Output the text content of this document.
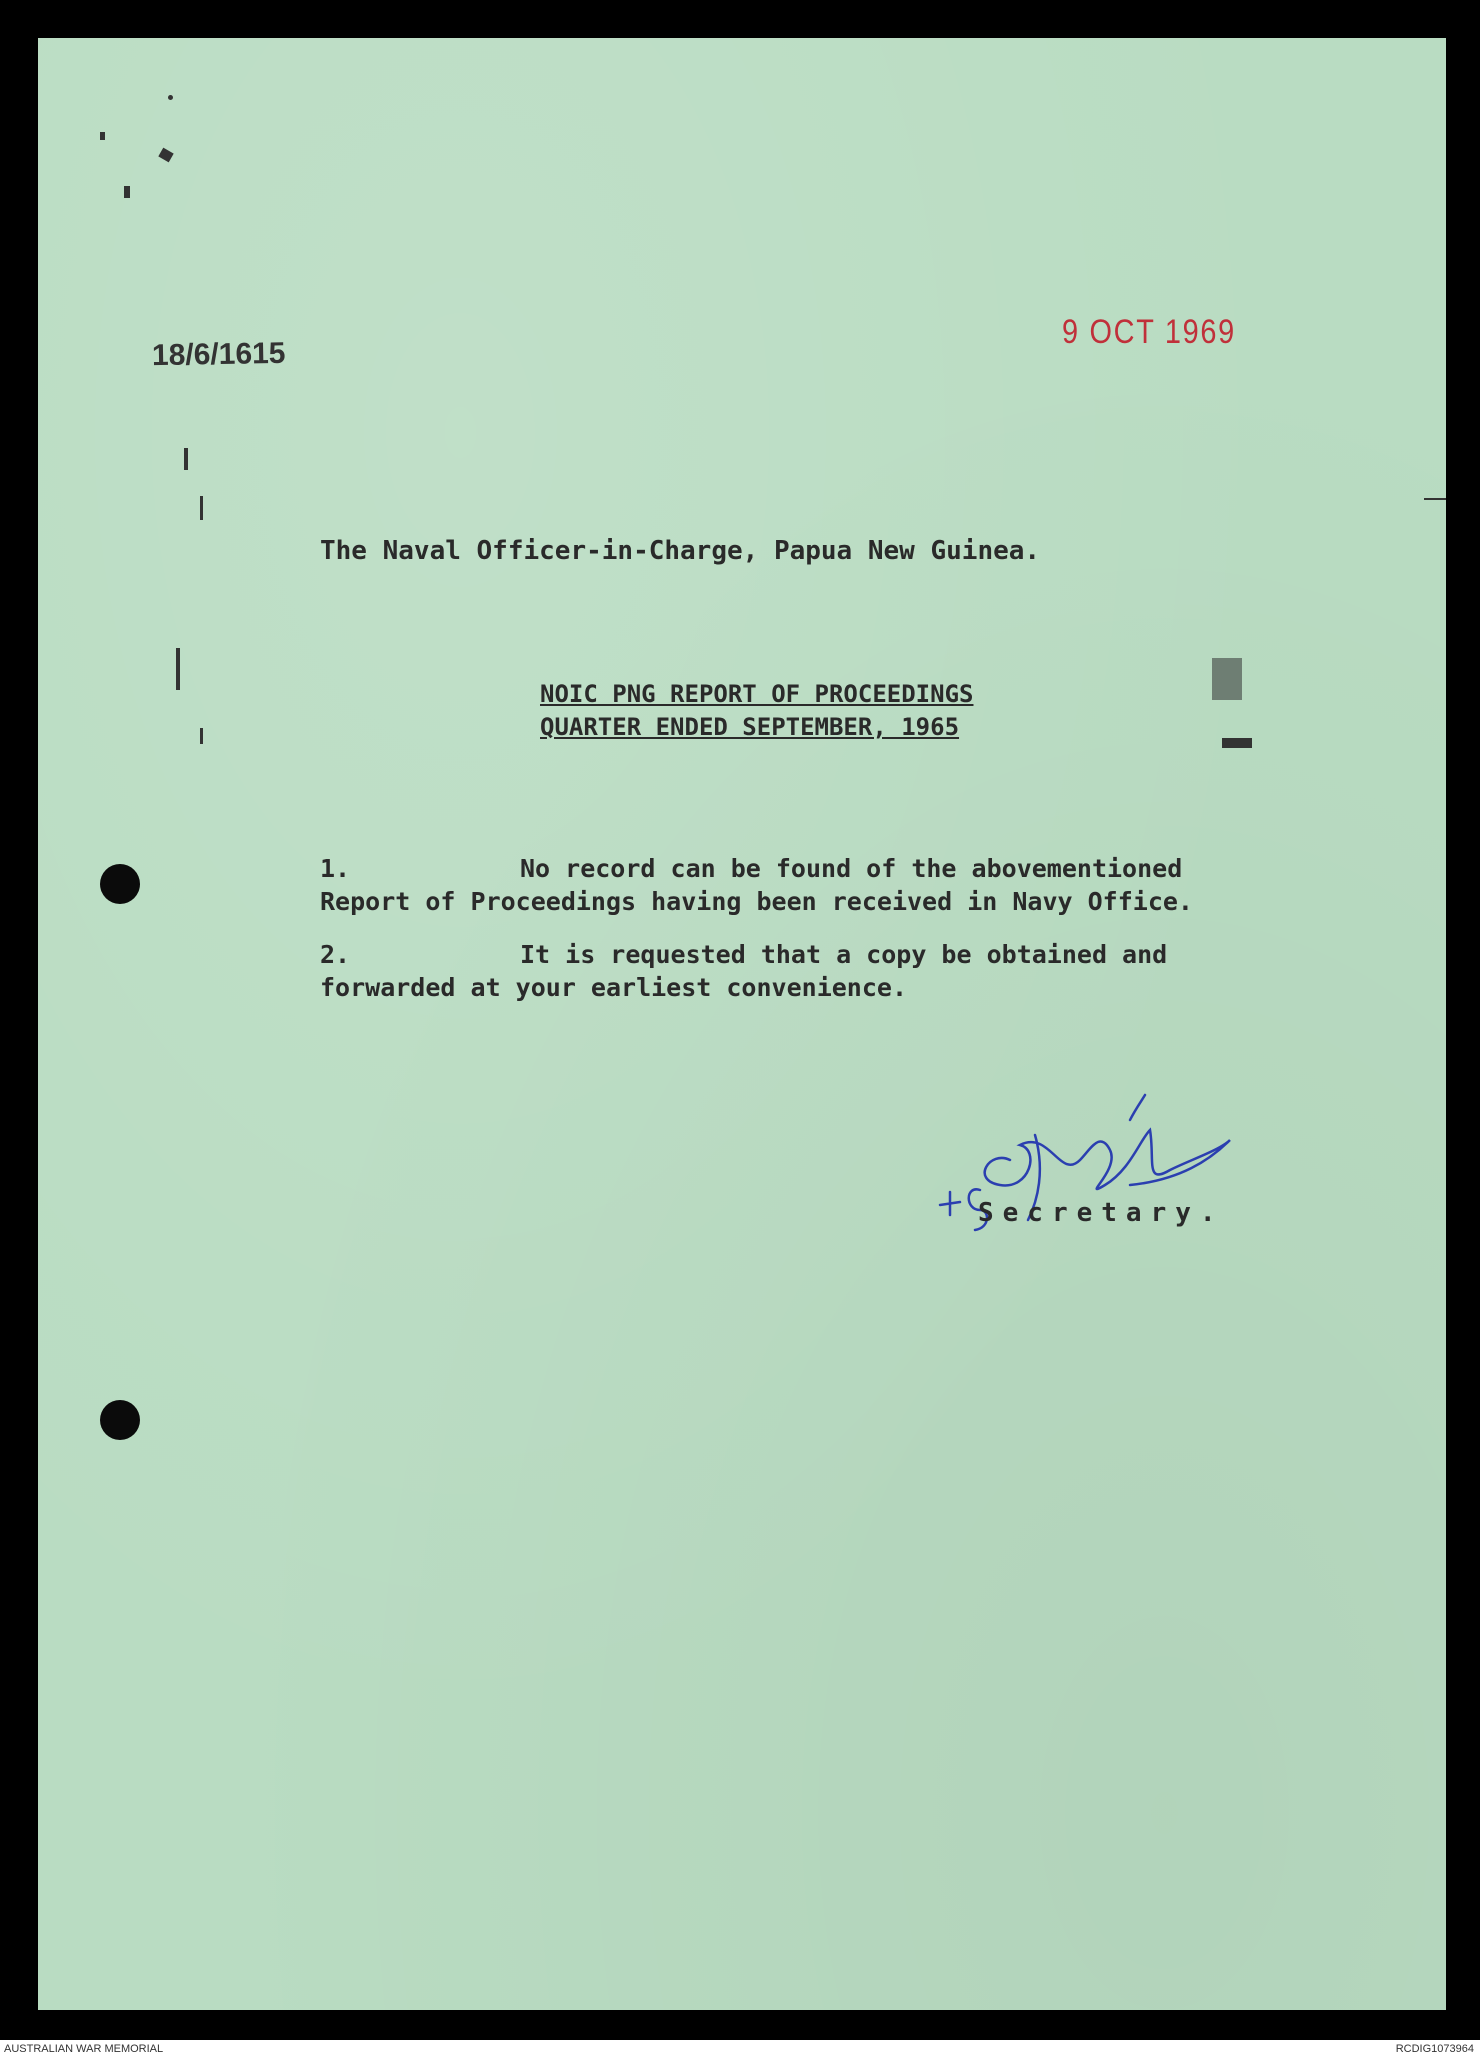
18/6/1615
9 OCT 1969
The Naval Officer-in-Charge, Papua New Guinea.
NOIC PNG REPORT OF PROCEEDINGS
QUARTER ENDED SEPTEMBER, 1965
1.	No record can be found of the abovementioned
Report of Proceedings having been received in Navy Office.
2.	It is requested that a copy be obtained and
forwarded at your earliest convenience.
Secretary.
AUSTRALIAN WAR MEMORIAL	RCDIG1073964
